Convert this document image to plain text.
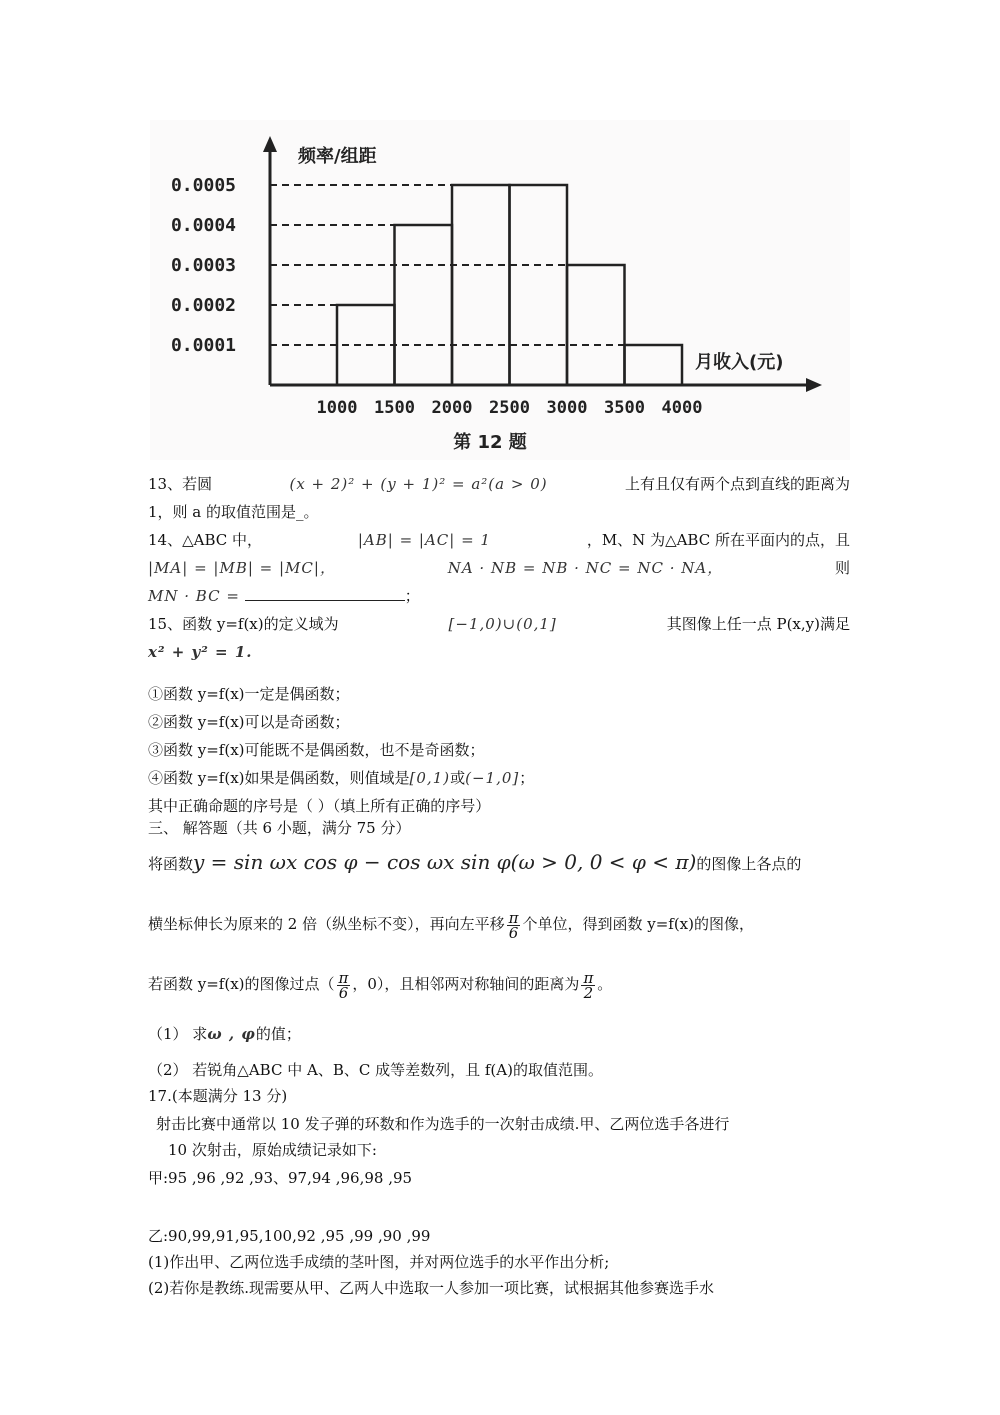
0.0005
0.0004
0.0003
0.0002
0.0001
1000 1500 2000 2500 3000 3500 4000
频率/组距
月收入(元)
第 12 题
13、若圆	(x + 2)² + (y + 1)² = a²(a > 0)	上有且仅有两个点到直线的距离为
1，则 a 的取值范围是_。
14、△ABC 中，	|AB| = |AC| = 1	，M、N 为△ABC 所在平面内的点，且
|MA| = |MB| = |MC|，	NA · NB = NB · NC = NC · NA，	则
MN · BC =	；
15、函数 y=f(x)的定义域为	[−1,0)∪(0,1]	其图像上任一点 P(x,y)满足
x² + y² = 1.
①函数 y=f(x)一定是偶函数；
②函数 y=f(x)可以是奇函数；
③函数 y=f(x)可能既不是偶函数，也不是奇函数；
④函数 y=f(x)如果是偶函数，则值域是[0,1)或(−1,0]；
其中正确命题的序号是（ ）（填上所有正确的序号）
三、 解答题（共 6 小题，满分 75 分）
将函数y = sin ωx cos φ − cos ωx sin φ(ω > 0, 0 < φ < π)的图像上各点的
横坐标伸长为原来的 2 倍（纵坐标不变），再向左平移 $\frac{\pi}{6}$ 个单位，得到函数 y=f(x)的图像，
若函数 y=f(x)的图像过点（ $\frac{\pi}{6}$ ，0），且相邻两对称轴间的距离为 $\frac{\pi}{2}$ 。
（1） 求ω , φ的值；
（2） 若锐角△ABC 中 A、B、C 成等差数列，且 f(A)的取值范围。
17.(本题满分 13 分)
射击比赛中通常以 10 发子弹的环数和作为选手的一次射击成绩.甲、乙两位选手各进行
10 次射击，原始成绩记录如下:
甲:95 ,96 ,92 ,93、97,94 ,96,98 ,95
乙:90,99,91,95,100,92 ,95 ,99 ,90 ,99
(1)作出甲、乙两位选手成绩的茎叶图，并对两位选手的水平作出分析;
(2)若你是教练.现需要从甲、乙两人中选取一人参加一项比赛，试根据其他参赛选手水
